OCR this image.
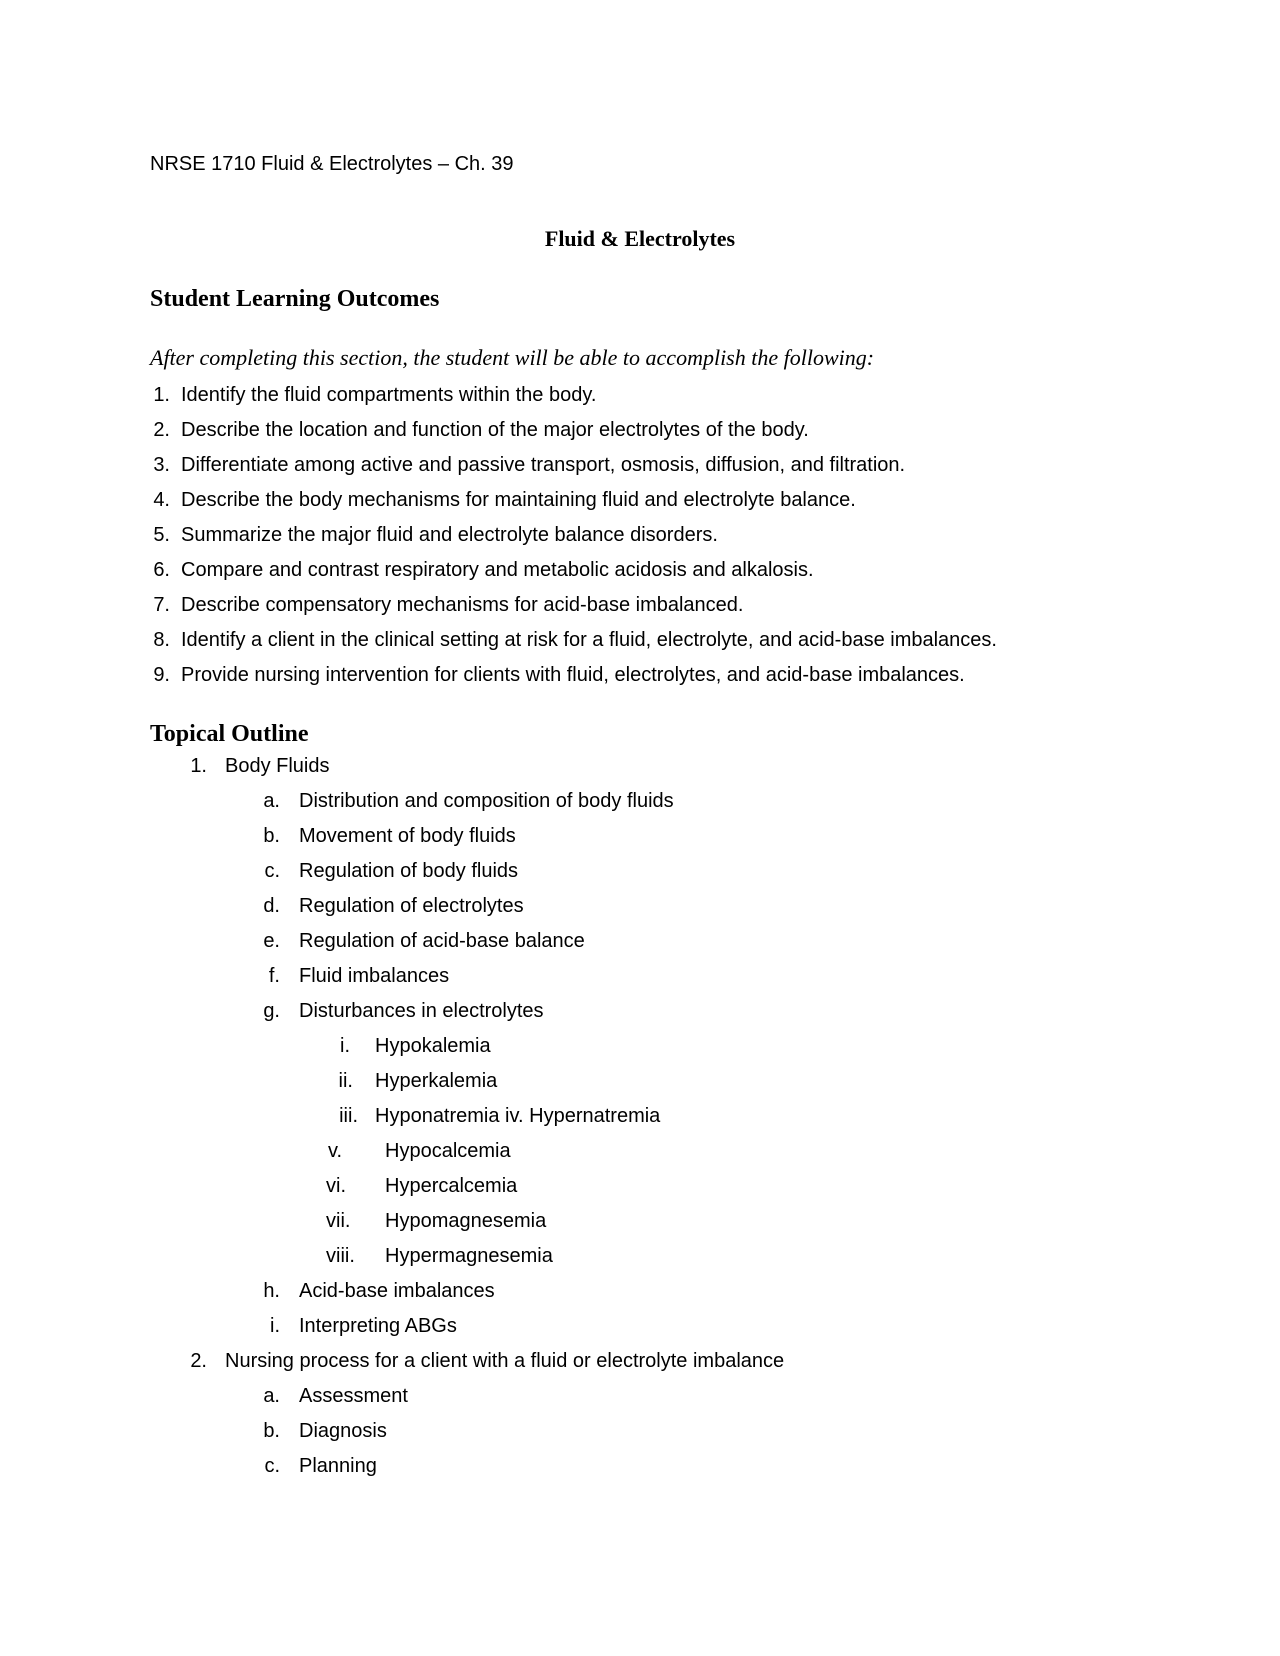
NRSE 1710 Fluid & Electrolytes – Ch. 39
Fluid & Electrolytes
Student Learning Outcomes
After completing this section, the student will be able to accomplish the following:
1. Identify the fluid compartments within the body.
2. Describe the location and function of the major electrolytes of the body.
3. Differentiate among active and passive transport, osmosis, diffusion, and filtration.
4. Describe the body mechanisms for maintaining fluid and electrolyte balance.
5. Summarize the major fluid and electrolyte balance disorders.
6. Compare and contrast respiratory and metabolic acidosis and alkalosis.
7. Describe compensatory mechanisms for acid-base imbalanced.
8. Identify a client in the clinical setting at risk for a fluid, electrolyte, and acid-base imbalances.
9. Provide nursing intervention for clients with fluid, electrolytes, and acid-base imbalances.
Topical Outline
1. Body Fluids
a. Distribution and composition of body fluids
b. Movement of body fluids
c. Regulation of body fluids
d. Regulation of electrolytes
e. Regulation of acid-base balance
f. Fluid imbalances
g. Disturbances in electrolytes
i. Hypokalemia
ii. Hyperkalemia
iii. Hyponatremia iv. Hypernatremia
v. Hypocalcemia
vi. Hypercalcemia
vii. Hypomagnesemia
viii. Hypermagnesemia
h. Acid-base imbalances
i. Interpreting ABGs
2. Nursing process for a client with a fluid or electrolyte imbalance
a. Assessment
b. Diagnosis
c. Planning
